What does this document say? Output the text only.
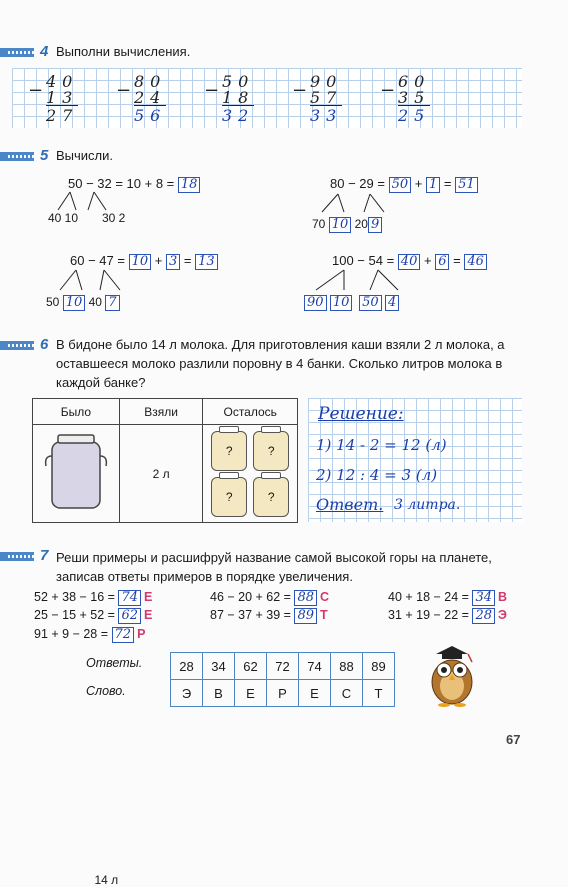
4 Выполни вычисления.
− 40
13
27
− 80
24
56
− 50
18
32
− 90
57
33
− 60
35
25
5 Вычисли.
50 − 32 = 10 + 8 = 18
40 10 30 2
80 − 29 = 50 + 1 = 51
70 10 20 9
60 − 47 = 10 + 3 = 13
50 10 40 7
100 − 54 = 40 + 6 = 46
90 10 50 4
6 В бидоне было 14 л молока. Для приготовления каши взяли 2 л молока, а оставшееся молоко разлили поровну в 4 банки. Сколько литров молока в каждой банке?
Было	Взяли	Осталось

14 л	2 л	? ? ? ?
Решение:
1) 14 - 2 = 12 (л)
2) 12 : 4 = 3 (л)
Ответ. 3 литра.
7 Реши примеры и расшифруй название самой высокой горы на планете, записав ответы примеров в порядке увеличения.
52 + 38 − 16 = 74 Е
25 − 15 + 52 = 62 Е
91 + 9 − 28 = 72 Р
46 − 20 + 62 = 88 С
87 − 37 + 39 = 89 Т
40 + 18 − 24 = 34 В
31 + 19 − 22 = 28 Э
Ответы.
Слово.
28	34	62	72	74	88	89
Э	В	Е	Р	Е	С	Т
67
